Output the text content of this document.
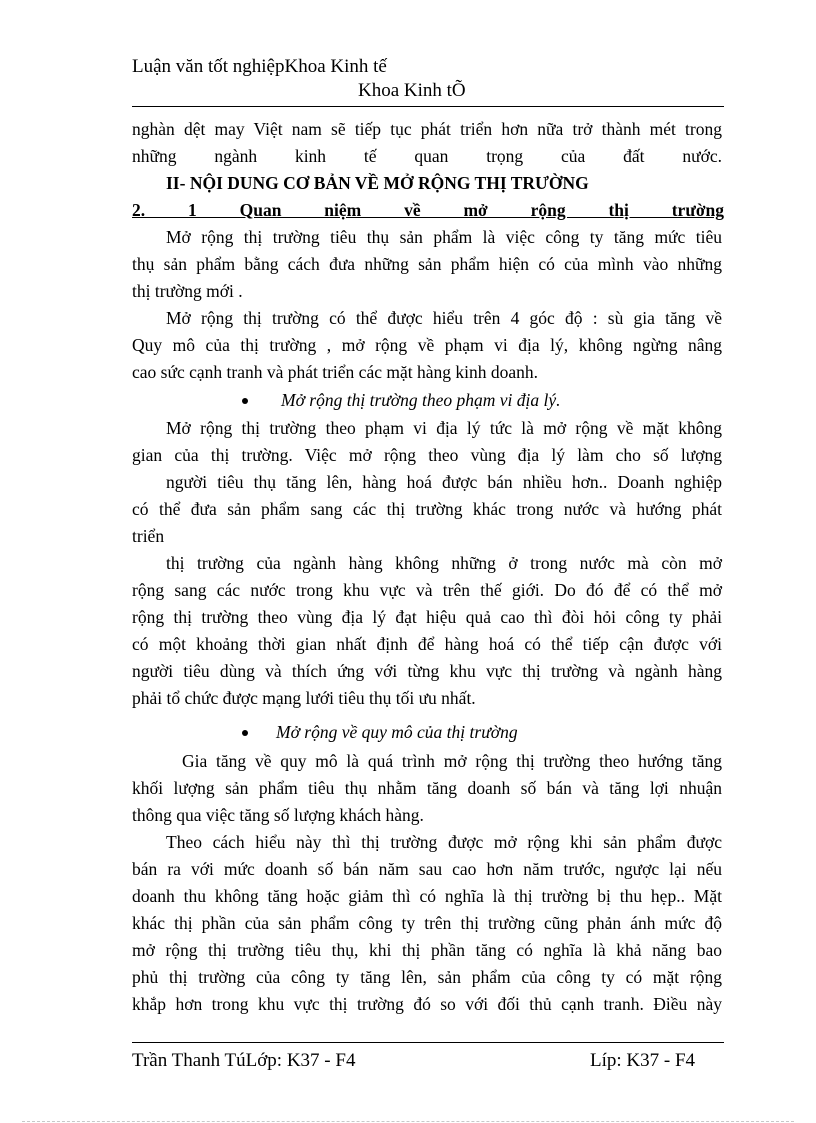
Luận văn tốt nghiệpKhoa Kinh tế
Khoa Kinh tÕ
nghàn dệt may Việt nam sẽ tiếp tục phát triển hơn nữa trở thành mét trong
những ngành kinh tế quan trọng của đất nước.
II- NỘI DUNG CƠ BẢN VỀ MỞ RỘNG THỊ TRƯỜNG
2. 1 Quan niệm về mở rộng thị trường
Mở rộng thị trường tiêu thụ sản phẩm là việc công ty tăng mức tiêu
thụ sản phẩm bằng cách đưa những sản phẩm hiện có của mình vào những
thị trường mới .
Mở rộng thị trường có thể được hiểu trên 4 góc độ : sù gia tăng về
Quy mô của thị trường , mở rộng về phạm vi địa lý, không ngừng nâng
cao sức cạnh tranh và phát triển các mặt hàng kinh doanh.
Mở rộng thị trường theo phạm vi địa lý.
Mở rộng thị trường theo phạm vi địa lý tức là mở rộng về mặt không
gian của thị trường. Việc mở rộng theo vùng địa lý làm cho số lượng
người tiêu thụ tăng lên, hàng hoá được bán nhiều hơn.. Doanh nghiệp
có thể đưa sản phẩm sang các thị trường khác trong nước và hướng phát
triển
thị trường của ngành hàng không những ở trong nước mà còn mở
rộng sang các nước trong khu vực và trên thế giới. Do đó để có thể mở
rộng thị trường theo vùng địa lý đạt hiệu quả cao thì đòi hỏi công ty phải
có một khoảng thời gian nhất định để hàng hoá có thể tiếp cận được với
người tiêu dùng và thích ứng với từng khu vực thị trường và ngành hàng
phải tổ chức được mạng lưới tiêu thụ tối ưu nhất.
Mở rộng về quy mô của thị trường
Gia tăng về quy mô là quá trình mở rộng thị trường theo hướng tăng
khối lượng sản phẩm tiêu thụ nhằm tăng doanh số bán và tăng lợi nhuận
thông qua việc tăng số lượng khách hàng.
Theo cách hiểu này thì thị trường được mở rộng khi sản phẩm được
bán ra với mức doanh số bán năm sau cao hơn năm trước, ngược lại nếu
doanh thu không tăng hoặc giảm thì có nghĩa là thị trường bị thu hẹp.. Mặt
khác thị phần của sản phẩm công ty trên thị trường cũng phản ánh mức độ
mở rộng thị trường tiêu thụ, khi thị phần tăng có nghĩa là khả năng bao
phủ thị trường của công ty tăng lên, sản phẩm của công ty có mặt rộng
khắp hơn trong khu vực thị trường đó so với đối thủ cạnh tranh. Điều này
Trần Thanh TúLớp: K37 - F4	Líp: K37 - F4
